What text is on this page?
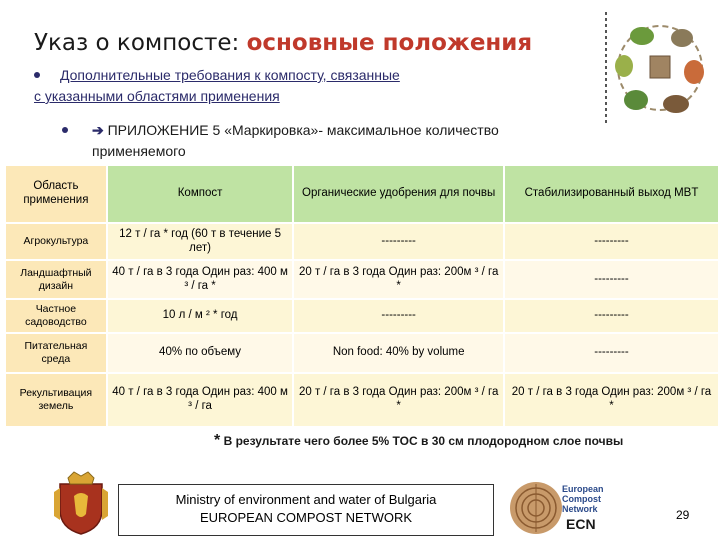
Указ о компосте: основные положения
Дополнительные требования к компосту, связанные
с указанными областями применения
➔ ПРИЛОЖЕНИЕ 5 «Маркировка»- максимальное количество
применяемого
Область применения	Компост	Органические удобрения для почвы	Стабилизированный выход MBT
Агрокультура	12 т / га * год (60 т в течение 5 лет)	---------	---------
Ландшафтный дизайн	40 т / га в 3 года Один раз: 400 м ³ / га *	20 т / га в 3 года Один раз: 200м ³ / га *	---------
Частное садоводство	10 л / м ² * год	---------	---------
Питательная среда	40% по объему	Non food: 40% by volume	---------
Рекультивация земель	40 т / га в 3 года Один раз: 400 м ³ / га	20 т / га в 3 года Один раз: 200м ³ / га *	20 т / га в 3 года Один раз: 200м ³ / га *
* В результате чего более 5% TOC в 30 см плодородном слое почвы
Ministry of environment and water of Bulgaria
EUROPEAN COMPOST NETWORK
European
Compost
Network
ECN
29
